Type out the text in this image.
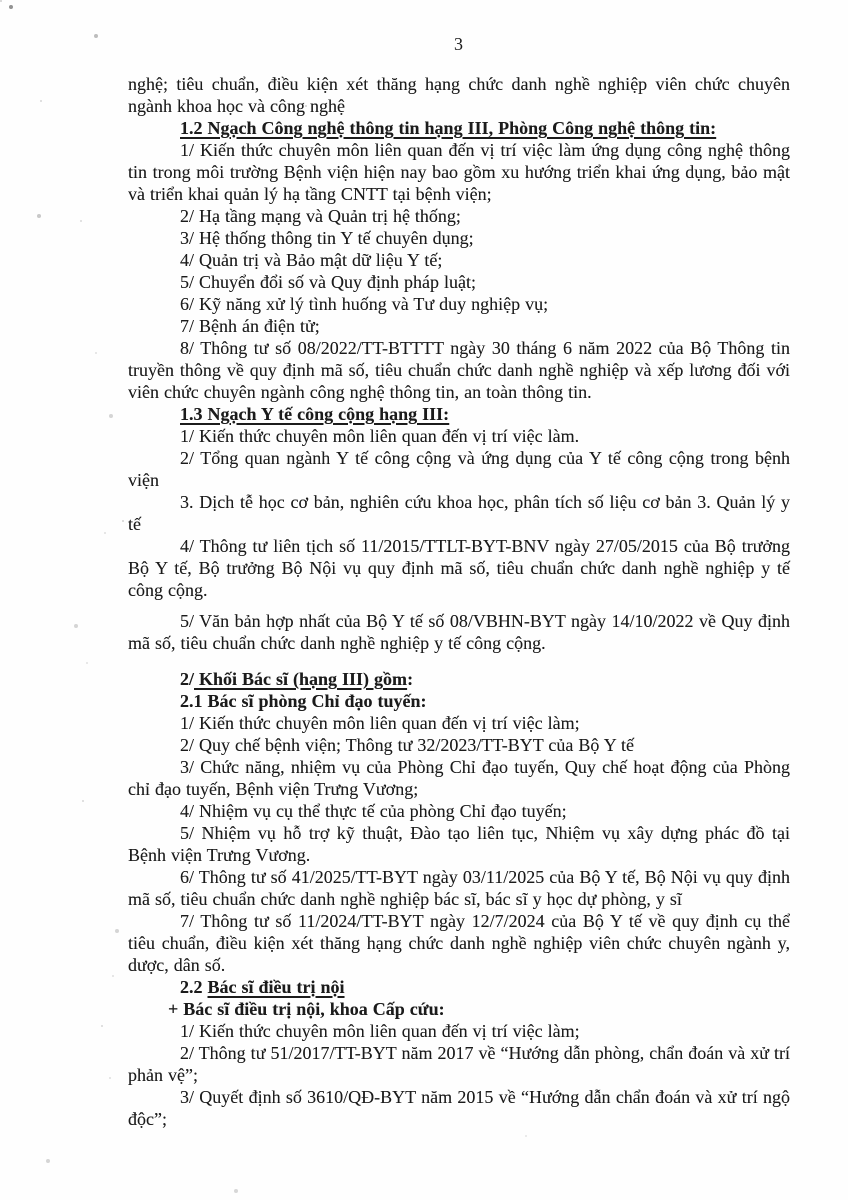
3

nghệ; tiêu chuẩn, điều kiện xét thăng hạng chức danh nghề nghiệp viên chức chuyên ngành khoa học và công nghệ

1.2 Ngạch Công nghệ thông tin hạng III, Phòng Công nghệ thông tin:

1/ Kiến thức chuyên môn liên quan đến vị trí việc làm ứng dụng công nghệ thông tin trong môi trường Bệnh viện hiện nay bao gồm xu hướng triển khai ứng dụng, bảo mật và triển khai quản lý hạ tầng CNTT tại bệnh viện;

2/ Hạ tầng mạng và Quản trị hệ thống;

3/ Hệ thống thông tin Y tế chuyên dụng;

4/ Quản trị và Bảo mật dữ liệu Y tế;

5/ Chuyển đổi số và Quy định pháp luật;

6/ Kỹ năng xử lý tình huống và Tư duy nghiệp vụ;

7/ Bệnh án điện tử;

8/ Thông tư số 08/2022/TT-BTTTT ngày 30 tháng 6 năm 2022 của Bộ Thông tin truyền thông về quy định mã số, tiêu chuẩn chức danh nghề nghiệp và xếp lương đối với viên chức chuyên ngành công nghệ thông tin, an toàn thông tin.

1.3 Ngạch Y tế công cộng hạng III:

1/ Kiến thức chuyên môn liên quan đến vị trí việc làm.

2/ Tổng quan ngành Y tế công cộng và ứng dụng của Y tế công cộng trong bệnh viện

3. Dịch tễ học cơ bản, nghiên cứu khoa học, phân tích số liệu cơ bản 3. Quản lý y tế

4/ Thông tư liên tịch số 11/2015/TTLT-BYT-BNV ngày 27/05/2015 của Bộ trưởng Bộ Y tế, Bộ trưởng Bộ Nội vụ quy định mã số, tiêu chuẩn chức danh nghề nghiệp y tế công cộng.

5/ Văn bản hợp nhất của Bộ Y tế số 08/VBHN-BYT ngày 14/10/2022 về Quy định mã số, tiêu chuẩn chức danh nghề nghiệp y tế công cộng.

2/ Khối Bác sĩ (hạng III) gồm:

2.1 Bác sĩ phòng Chỉ đạo tuyến:

1/ Kiến thức chuyên môn liên quan đến vị trí việc làm;

2/ Quy chế bệnh viện; Thông tư 32/2023/TT-BYT của Bộ Y tế

3/ Chức năng, nhiệm vụ của Phòng Chỉ đạo tuyến, Quy chế hoạt động của Phòng chỉ đạo tuyến, Bệnh viện Trưng Vương;

4/ Nhiệm vụ cụ thể thực tế của phòng Chỉ đạo tuyến;

5/ Nhiệm vụ hỗ trợ kỹ thuật, Đào tạo liên tục, Nhiệm vụ xây dựng phác đồ tại Bệnh viện Trưng Vương.

6/ Thông tư số 41/2025/TT-BYT ngày 03/11/2025 của Bộ Y tế, Bộ Nội vụ quy định mã số, tiêu chuẩn chức danh nghề nghiệp bác sĩ, bác sĩ y học dự phòng, y sĩ

7/ Thông tư số 11/2024/TT-BYT ngày 12/7/2024 của Bộ Y tế về quy định cụ thể tiêu chuẩn, điều kiện xét thăng hạng chức danh nghề nghiệp viên chức chuyên ngành y, dược, dân số.

2.2 Bác sĩ điều trị nội

+ Bác sĩ điều trị nội, khoa Cấp cứu:

1/ Kiến thức chuyên môn liên quan đến vị trí việc làm;

2/ Thông tư 51/2017/TT-BYT năm 2017 về “Hướng dẫn phòng, chẩn đoán và xử trí phản vệ”;

3/ Quyết định số 3610/QĐ-BYT năm 2015 về “Hướng dẫn chẩn đoán và xử trí ngộ độc”;
